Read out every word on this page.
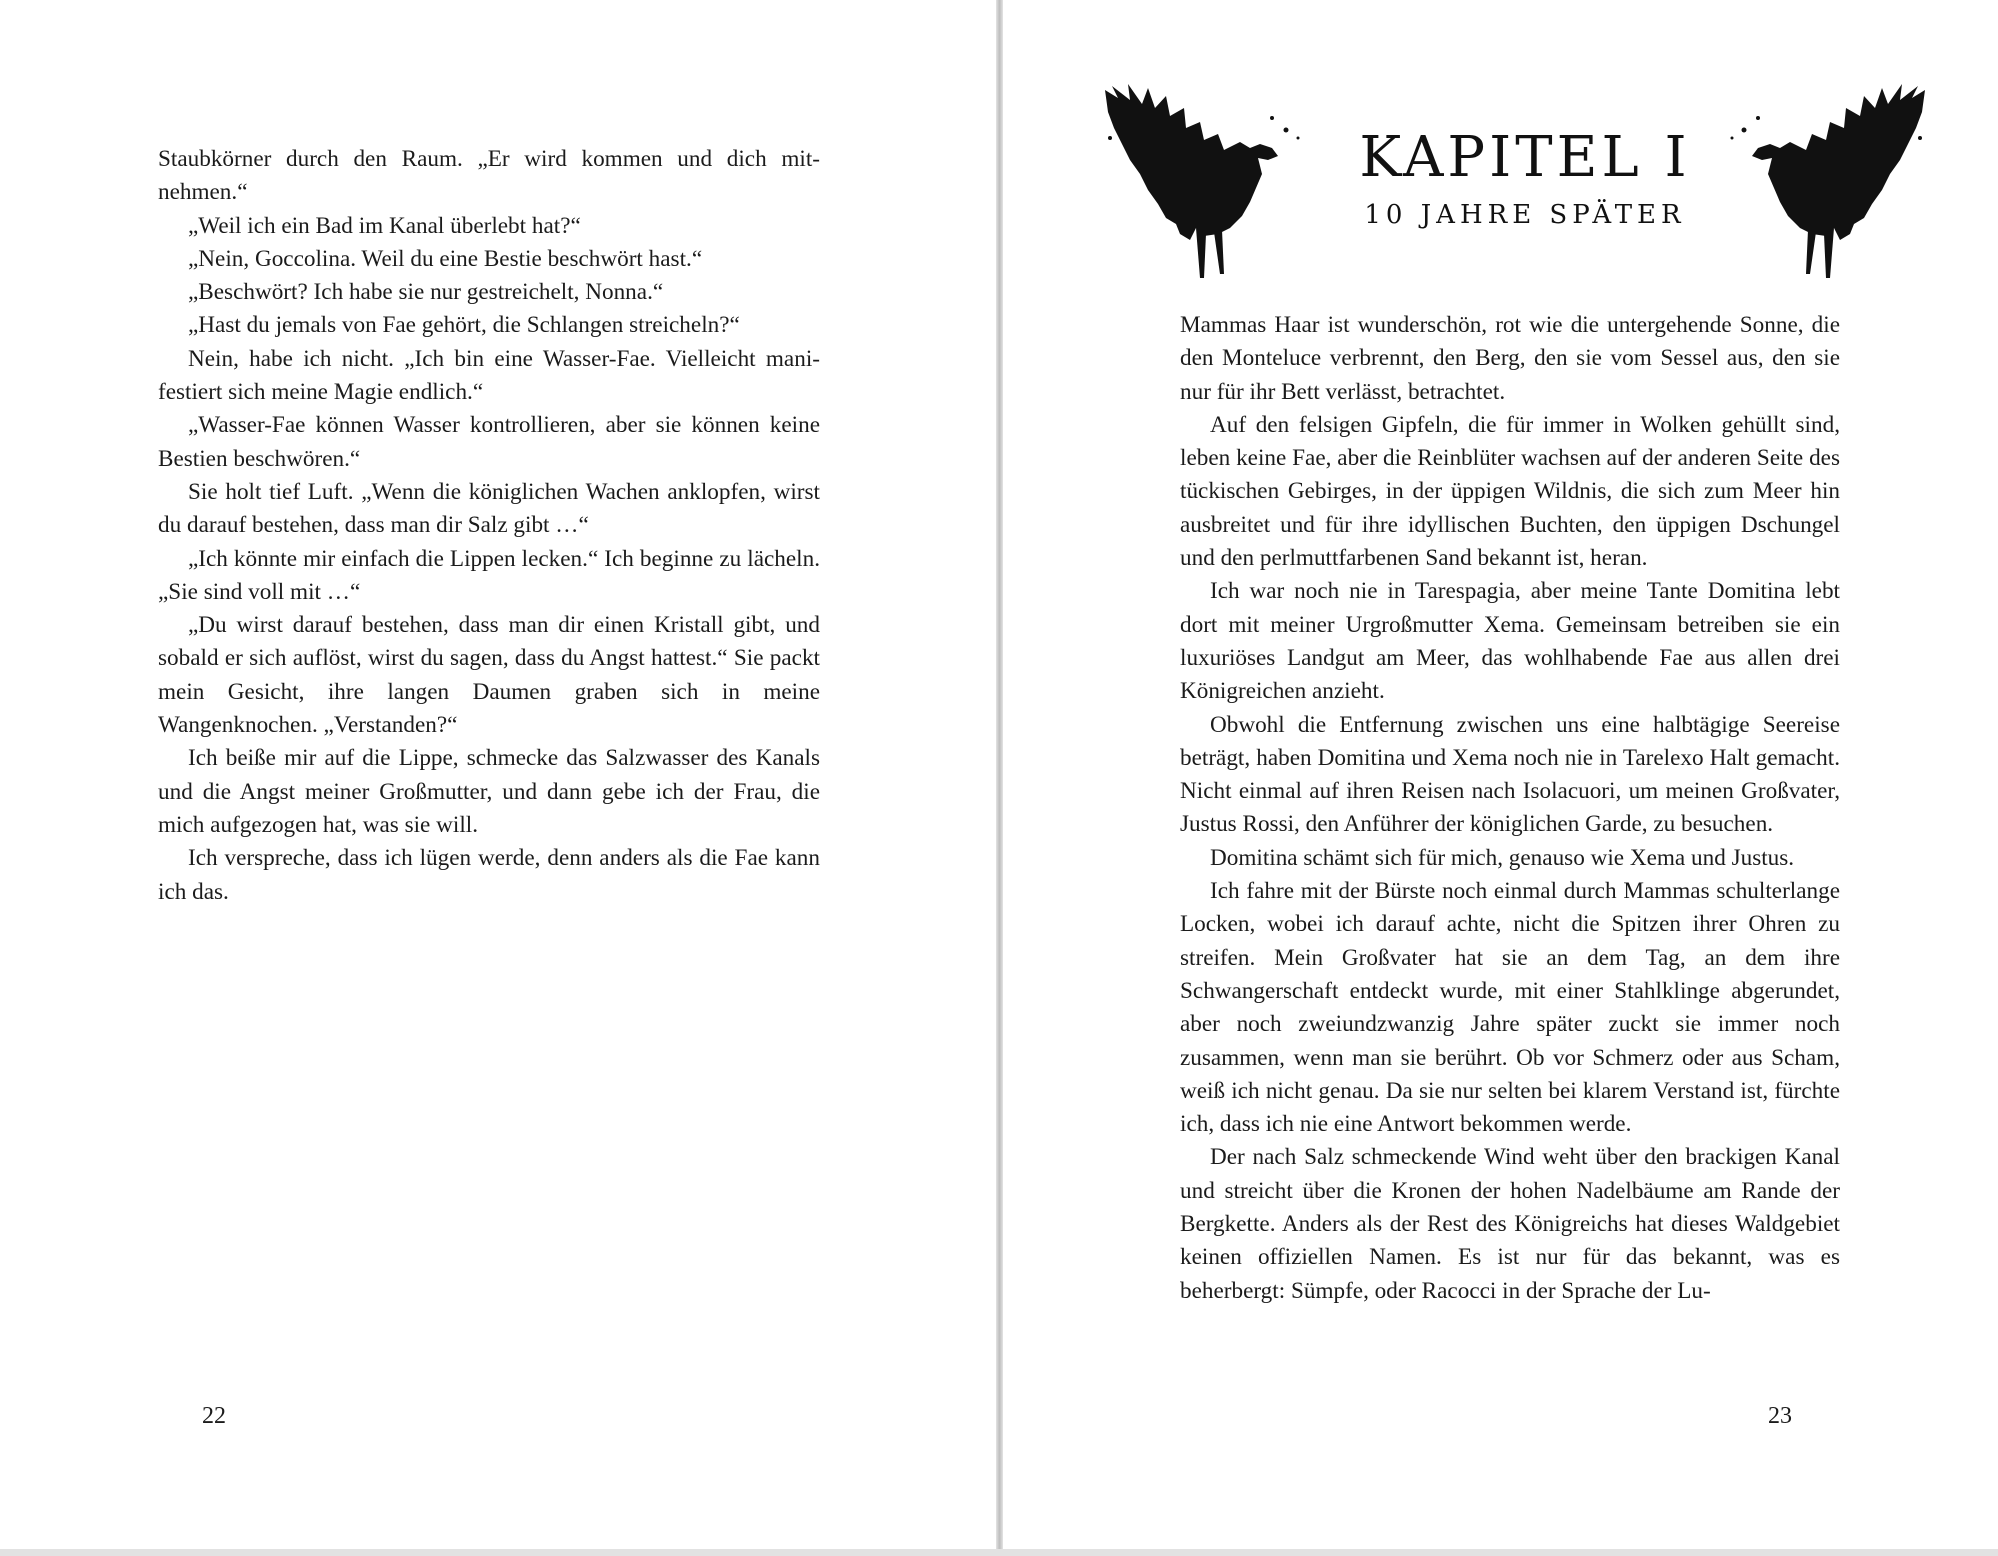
Staubkörner durch den Raum. „Er wird kommen und dich mitnehmen.“

„Weil ich ein Bad im Kanal überlebt hat?“

„Nein, Goccolina. Weil du eine Bestie beschwört hast.“

„Beschwört? Ich habe sie nur gestreichelt, Nonna.“

„Hast du jemals von Fae gehört, die Schlangen streicheln?“

Nein, habe ich nicht. „Ich bin eine Wasser-Fae. Vielleicht manifestiert sich meine Magie endlich.“

„Wasser-Fae können Wasser kontrollieren, aber sie können keine Bestien beschwören.“

Sie holt tief Luft. „Wenn die königlichen Wachen anklopfen, wirst du darauf bestehen, dass man dir Salz gibt …“

„Ich könnte mir einfach die Lippen lecken.“ Ich beginne zu lächeln. „Sie sind voll mit …“

„Du wirst darauf bestehen, dass man dir einen Kristall gibt, und sobald er sich auflöst, wirst du sagen, dass du Angst hattest.“ Sie packt mein Gesicht, ihre langen Daumen graben sich in meine Wangenknochen. „Verstanden?“

Ich beiße mir auf die Lippe, schmecke das Salzwasser des Kanals und die Angst meiner Großmutter, und dann gebe ich der Frau, die mich aufgezogen hat, was sie will.

Ich verspreche, dass ich lügen werde, denn anders als die Fae kann ich das.

22
KAPITEL I
10 JAHRE SPÄTER

Mammas Haar ist wunderschön, rot wie die untergehende Sonne, die den Monteluce verbrennt, den Berg, den sie vom Sessel aus, den sie nur für ihr Bett verlässt, betrachtet.

Auf den felsigen Gipfeln, die für immer in Wolken gehüllt sind, leben keine Fae, aber die Reinblüter wachsen auf der anderen Seite des tückischen Gebirges, in der üppigen Wildnis, die sich zum Meer hin ausbreitet und für ihre idyllischen Buchten, den üppigen Dschungel und den perlmuttfarbenen Sand bekannt ist, heran.

Ich war noch nie in Tarespagia, aber meine Tante Domitina lebt dort mit meiner Urgroßmutter Xema. Gemeinsam betreiben sie ein luxuriöses Landgut am Meer, das wohlhabende Fae aus allen drei Königreichen anzieht.

Obwohl die Entfernung zwischen uns eine halbtägige Seereise beträgt, haben Domitina und Xema noch nie in Tarelexo Halt gemacht. Nicht einmal auf ihren Reisen nach Isolacuori, um meinen Großvater, Justus Rossi, den Anführer der königlichen Garde, zu besuchen.

Domitina schämt sich für mich, genauso wie Xema und Justus.

Ich fahre mit der Bürste noch einmal durch Mammas schulterlange Locken, wobei ich darauf achte, nicht die Spitzen ihrer Ohren zu streifen. Mein Großvater hat sie an dem Tag, an dem ihre Schwangerschaft entdeckt wurde, mit einer Stahlklinge abgerundet, aber noch zweiundzwanzig Jahre später zuckt sie immer noch zusammen, wenn man sie berührt. Ob vor Schmerz oder aus Scham, weiß ich nicht genau. Da sie nur selten bei klarem Verstand ist, fürchte ich, dass ich nie eine Antwort bekommen werde.

Der nach Salz schmeckende Wind weht über den brackigen Kanal und streicht über die Kronen der hohen Nadelbäume am Rande der Bergkette. Anders als der Rest des Königreichs hat dieses Waldgebiet keinen offiziellen Namen. Es ist nur für das bekannt, was es beherbergt: Sümpfe, oder Racocci in der Sprache der Lu-

23
